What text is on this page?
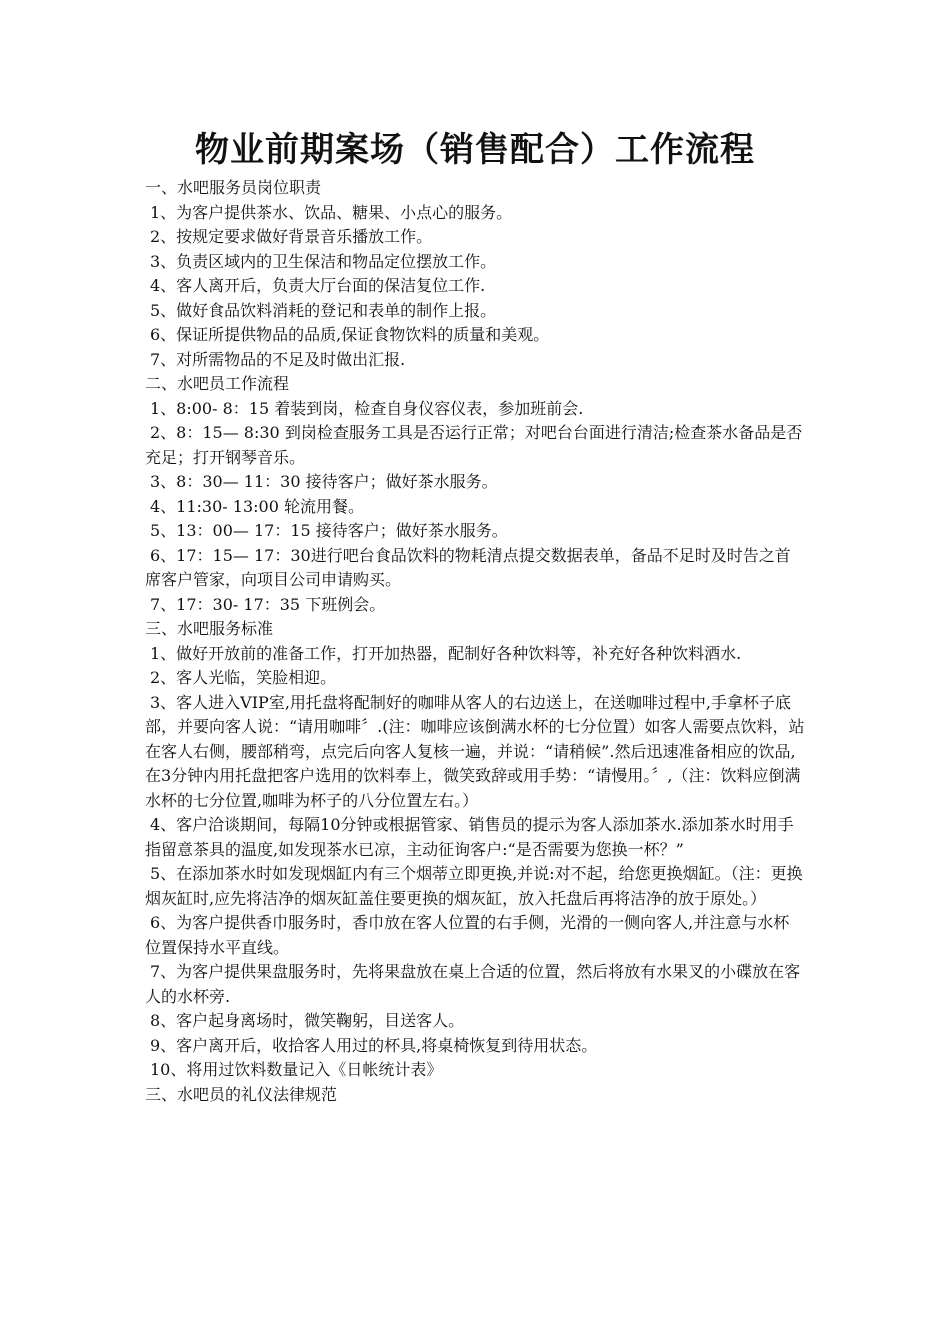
物业前期案场（销售配合）工作流程

一、水吧服务员岗位职责

1、为客户提供茶水、饮品、糖果、小点心的服务。

2、按规定要求做好背景音乐播放工作。

3、负责区域内的卫生保洁和物品定位摆放工作。

4、客人离开后，负责大厅台面的保洁复位工作.

5、做好食品饮料消耗的登记和表单的制作上报。

6、保证所提供物品的品质,保证食物饮料的质量和美观。

7、对所需物品的不足及时做出汇报.

二、水吧员工作流程

1、8:00- 8：15 着装到岗，检查自身仪容仪表，参加班前会.

2、8：15— 8:30 到岗检查服务工具是否运行正常；对吧台台面进行清洁;检查茶水备品是否充足；打开钢琴音乐。

3、8：30— 11：30 接待客户；做好茶水服务。

4、11:30- 13:00 轮流用餐。

5、13：00— 17：15 接待客户；做好茶水服务。

6、17：15— 17：30进行吧台食品饮料的物耗清点提交数据表单，备品不足时及时告之首席客户管家，向项目公司申请购买。

7、17：30- 17：35 下班例会。

三、水吧服务标准

1、做好开放前的准备工作，打开加热器，配制好各种饮料等，补充好各种饮料酒水.

2、客人光临，笑脸相迎。

3、客人进入VIP室,用托盘将配制好的咖啡从客人的右边送上，在送咖啡过程中,手拿杯子底部，并要向客人说：“请用咖啡〞.(注：咖啡应该倒满水杯的七分位置）如客人需要点饮料，站在客人右侧，腰部稍弯，点完后向客人复核一遍，并说：“请稍候”.然后迅速准备相应的饮品,在3分钟内用托盘把客户选用的饮料奉上，微笑致辞或用手势：“请慢用。〞,（注：饮料应倒满水杯的七分位置,咖啡为杯子的八分位置左右。）

4、客户洽谈期间，每隔10分钟或根据管家、销售员的提示为客人添加茶水.添加茶水时用手指留意茶具的温度,如发现茶水已凉，主动征询客户:“是否需要为您换一杯？”

5、在添加茶水时如发现烟缸内有三个烟蒂立即更换,并说:对不起，给您更换烟缸。（注：更换烟灰缸时,应先将洁净的烟灰缸盖住要更换的烟灰缸，放入托盘后再将洁净的放于原处。）

6、为客户提供香巾服务时，香巾放在客人位置的右手侧，光滑的一侧向客人,并注意与水杯位置保持水平直线。

7、为客户提供果盘服务时，先将果盘放在桌上合适的位置，然后将放有水果叉的小碟放在客人的水杯旁.

8、客户起身离场时，微笑鞠躬，目送客人。

9、客户离开后，收拾客人用过的杯具,将桌椅恢复到待用状态。

10、将用过饮料数量记入《日帐统计表》

三、水吧员的礼仪法律规范
